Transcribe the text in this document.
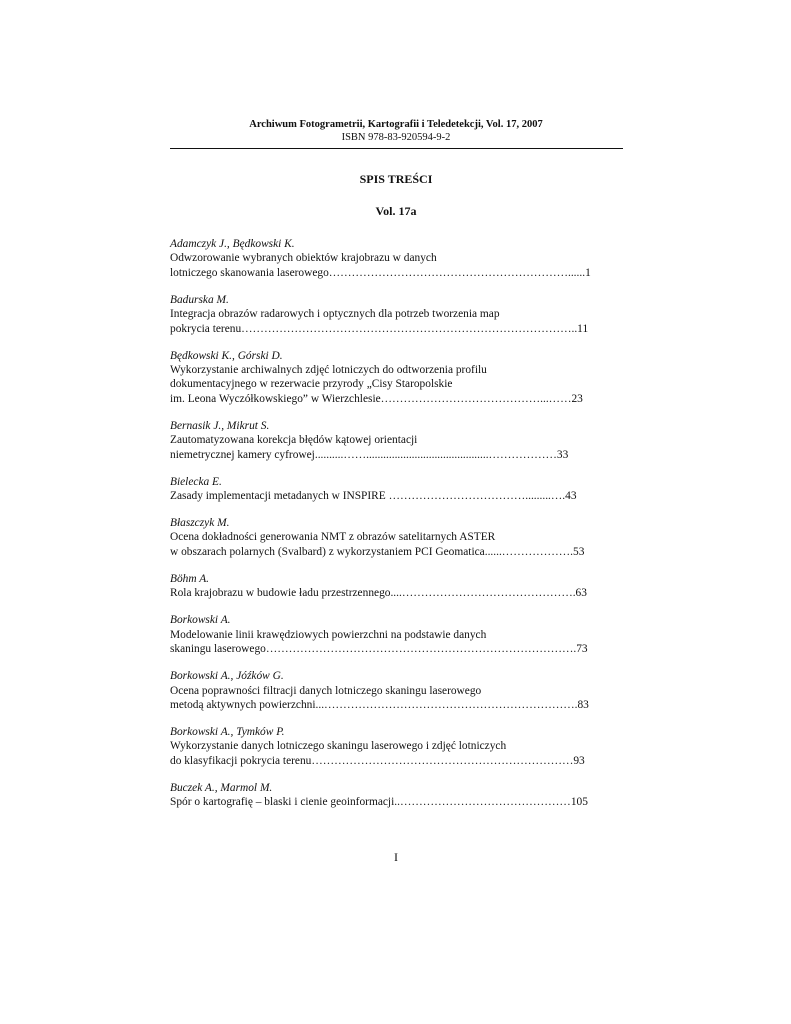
Archiwum Fotogrametrii, Kartografii i Teledetekcji, Vol. 17, 2007
ISBN 978-83-920594-9-2
SPIS TREŚCI
Vol. 17a
Adamczyk J., Będkowski K.
Odwzorowanie wybranych obiektów krajobrazu w danych
lotniczego skanowania laserowego………………………………………………………......1
Badurska M.
Integracja obrazów radarowych i optycznych dla potrzeb tworzenia map
pokrycia terenu……………………………………………………………………………..11
Będkowski K., Górski D.
Wykorzystanie archiwalnych zdjęć lotniczych do odtworzenia profilu
dokumentacyjnego w rezerwacie przyrody „Cisy Staropolskie
im. Leona Wyczółkowskiego” w Wierzchlesie……………………………………...……23
Bernasik J., Mikrut S.
Zautomatyzowana korekcja błędów kątowej orientacji
niemetrycznej kamery cyfrowej..........……...........................................………………33
Bielecka E.
Zasady implementacji metadanych w INSPIRE ……………………………….........….43
Błaszczyk M.
Ocena dokładności generowania NMT z obrazów satelitarnych ASTER
w obszarach polarnych (Svalbard) z wykorzystaniem PCI Geomatica......……………….53
Böhm A.
Rola krajobrazu w budowie ładu przestrzennego....……………………………………….63
Borkowski A.
Modelowanie linii krawędziowych powierzchni na podstawie danych
skaningu laserowego……………………………………………………………………….73
Borkowski A., Jóźków G.
Ocena poprawności filtracji danych lotniczego skaningu laserowego
metodą aktywnych powierzchni...………………………………………………………….83
Borkowski A., Tymków P.
Wykorzystanie danych lotniczego skaningu laserowego i zdjęć lotniczych
do klasyfikacji pokrycia terenu……………………………………………………………93
Buczek A., Marmol M.
Spór o kartografię – blaski i cienie geoinformacji..………………………………………105
I
